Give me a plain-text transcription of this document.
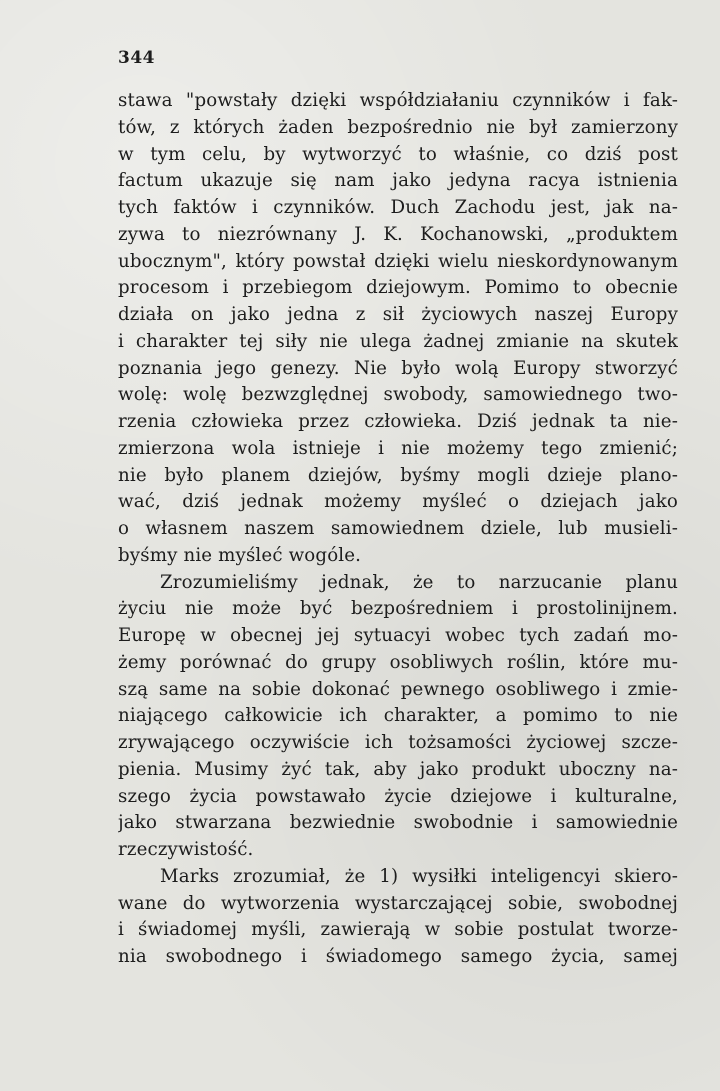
344
stawa "powstały dzięki współdziałaniu czynników i fak-
tów, z których żaden bezpośrednio nie był zamierzony
w tym celu, by wytworzyć to właśnie, co dziś post
factum ukazuje się nam jako jedyna racya istnienia
tych faktów i czynników. Duch Zachodu jest, jak na-
zywa to niezrównany J. K. Kochanowski, „produktem
ubocznym", który powstał dzięki wielu nieskordynowanym
procesom i przebiegom dziejowym. Pomimo to obecnie
działa on jako jedna z sił życiowych naszej Europy
i charakter tej siły nie ulega żadnej zmianie na skutek
poznania jego genezy. Nie było wolą Europy stworzyć
wolę: wolę bezwzględnej swobody, samowiednego two-
rzenia człowieka przez człowieka. Dziś jednak ta nie-
zmierzona wola istnieje i nie możemy tego zmienić;
nie było planem dziejów, byśmy mogli dzieje plano-
wać, dziś jednak możemy myśleć o dziejach jako
o własnem naszem samowiednem dziele, lub musieli-
byśmy nie myśleć wogóle.
Zrozumieliśmy jednak, że to narzucanie planu
życiu nie może być bezpośredniem i prostolinijnem.
Europę w obecnej jej sytuacyi wobec tych zadań mo-
żemy porównać do grupy osobliwych roślin, które mu-
szą same na sobie dokonać pewnego osobliwego i zmie-
niającego całkowicie ich charakter, a pomimo to nie
zrywającego oczywiście ich tożsamości życiowej szcze-
pienia. Musimy żyć tak, aby jako produkt uboczny na-
szego życia powstawało życie dziejowe i kulturalne,
jako stwarzana bezwiednie swobodnie i samowiednie
rzeczywistość.
Marks zrozumiał, że 1) wysiłki inteligencyi skiero-
wane do wytworzenia wystarczającej sobie, swobodnej
i świadomej myśli, zawierają w sobie postulat tworze-
nia swobodnego i świadomego samego życia, samej
